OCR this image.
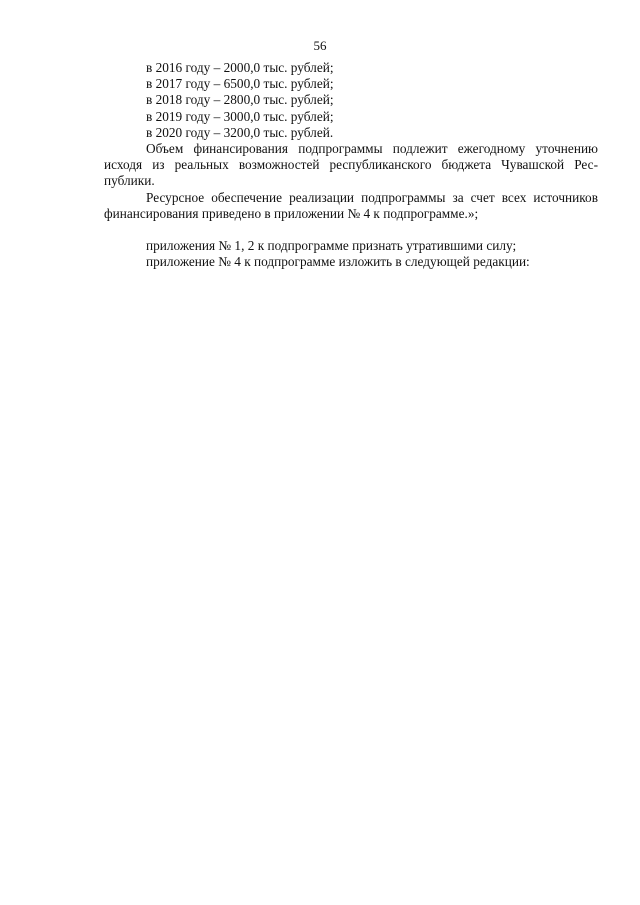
56

в 2016 году – 2000,0 тыс. рублей;

в 2017 году – 6500,0 тыс. рублей;

в 2018 году – 2800,0 тыс. рублей;

в 2019 году – 3000,0 тыс. рублей;

в 2020 году – 3200,0 тыс. рублей.

Объем финансирования подпрограммы подлежит ежегодному уточнению

исходя из реальных возможностей республиканского бюджета Чувашской Рес-

публики.

Ресурсное обеспечение реализации подпрограммы за счет всех источников

финансирования приведено в приложении № 4 к подпрограмме.»;

приложения № 1, 2 к подпрограмме признать утратившими силу;

приложение № 4 к подпрограмме изложить в следующей редакции:
